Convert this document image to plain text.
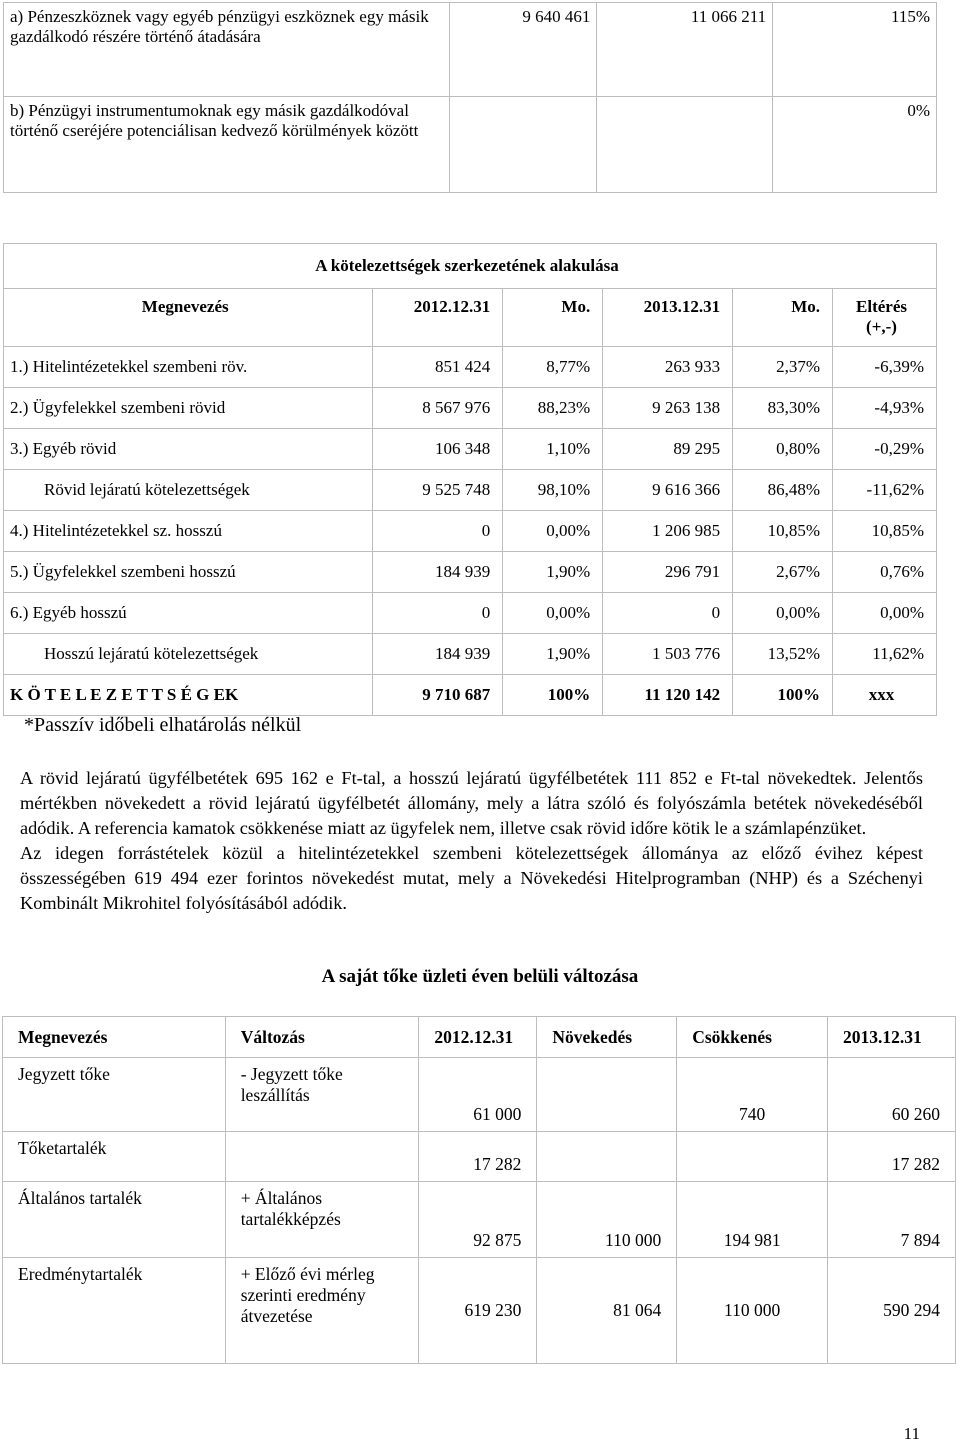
a) Pénzeszköznek vagy egyéb pénzügyi eszköznek egy másik gazdálkodó részére történő átadására	9 640 461	11 066 211	115%
b) Pénzügyi instrumentumoknak egy másik gazdálkodóval történő cseréjére potenciálisan kedvező körülmények között			0%
A kötelezettségek szerkezetének alakulása					
Megnevezés	2012.12.31	Mo.	2013.12.31	Mo.	Eltérés (+,-)
1.) Hitelintézetekkel szembeni röv.	851 424	8,77%	263 933	2,37%	-6,39%
2.) Ügyfelekkel szembeni rövid	8 567 976	88,23%	9 263 138	83,30%	-4,93%
3.) Egyéb rövid	106 348	1,10%	89 295	0,80%	-0,29%
Rövid lejáratú kötelezettségek	9 525 748	98,10%	9 616 366	86,48%	-11,62%
4.) Hitelintézetekkel sz. hosszú	0	0,00%	1 206 985	10,85%	10,85%
5.) Ügyfelekkel szembeni hosszú	184 939	1,90%	296 791	2,67%	0,76%
6.) Egyéb hosszú	0	0,00%	0	0,00%	0,00%
Hosszú lejáratú kötelezettségek	184 939	1,90%	1 503 776	13,52%	11,62%
K Ö T E L E Z E T T S É G EK	9 710 687	100%	11 120 142	100%	xxx
*Passzív időbeli elhatárolás nélkül

A rövid lejáratú ügyfélbetétek 695 162 e Ft-tal, a hosszú lejáratú ügyfélbetétek 111 852 e Ft-tal növekedtek. Jelentős mértékben növekedett a rövid lejáratú ügyfélbetét állomány, mely a látra szóló és folyószámla betétek növekedéséből adódik. A referencia kamatok csökkenése miatt az ügyfelek nem, illetve csak rövid időre kötik le a számlapénzüket.

Az idegen forrástételek közül a hitelintézetekkel szembeni kötelezettségek állománya az előző évihez képest összességében 619 494 ezer forintos növekedést mutat, mely a Növekedési Hitelprogramban (NHP) és a Széchenyi Kombinált Mikrohitel folyósításából adódik.

A saját tőke üzleti éven belüli változása
Megnevezés	Változás	2012.12.31	Növekedés	Csökkenés	2013.12.31
Jegyzett tőke	- Jegyzett tőke leszállítás	61 000		740	60 260
Tőketartalék		17 282			17 282
Általános tartalék	+ Általános tartalékképzés	92 875	110 000	194 981	7 894
Eredménytartalék	+ Előző évi mérleg szerinti eredmény átvezetése	619 230	81 064	110 000	590 294
11
